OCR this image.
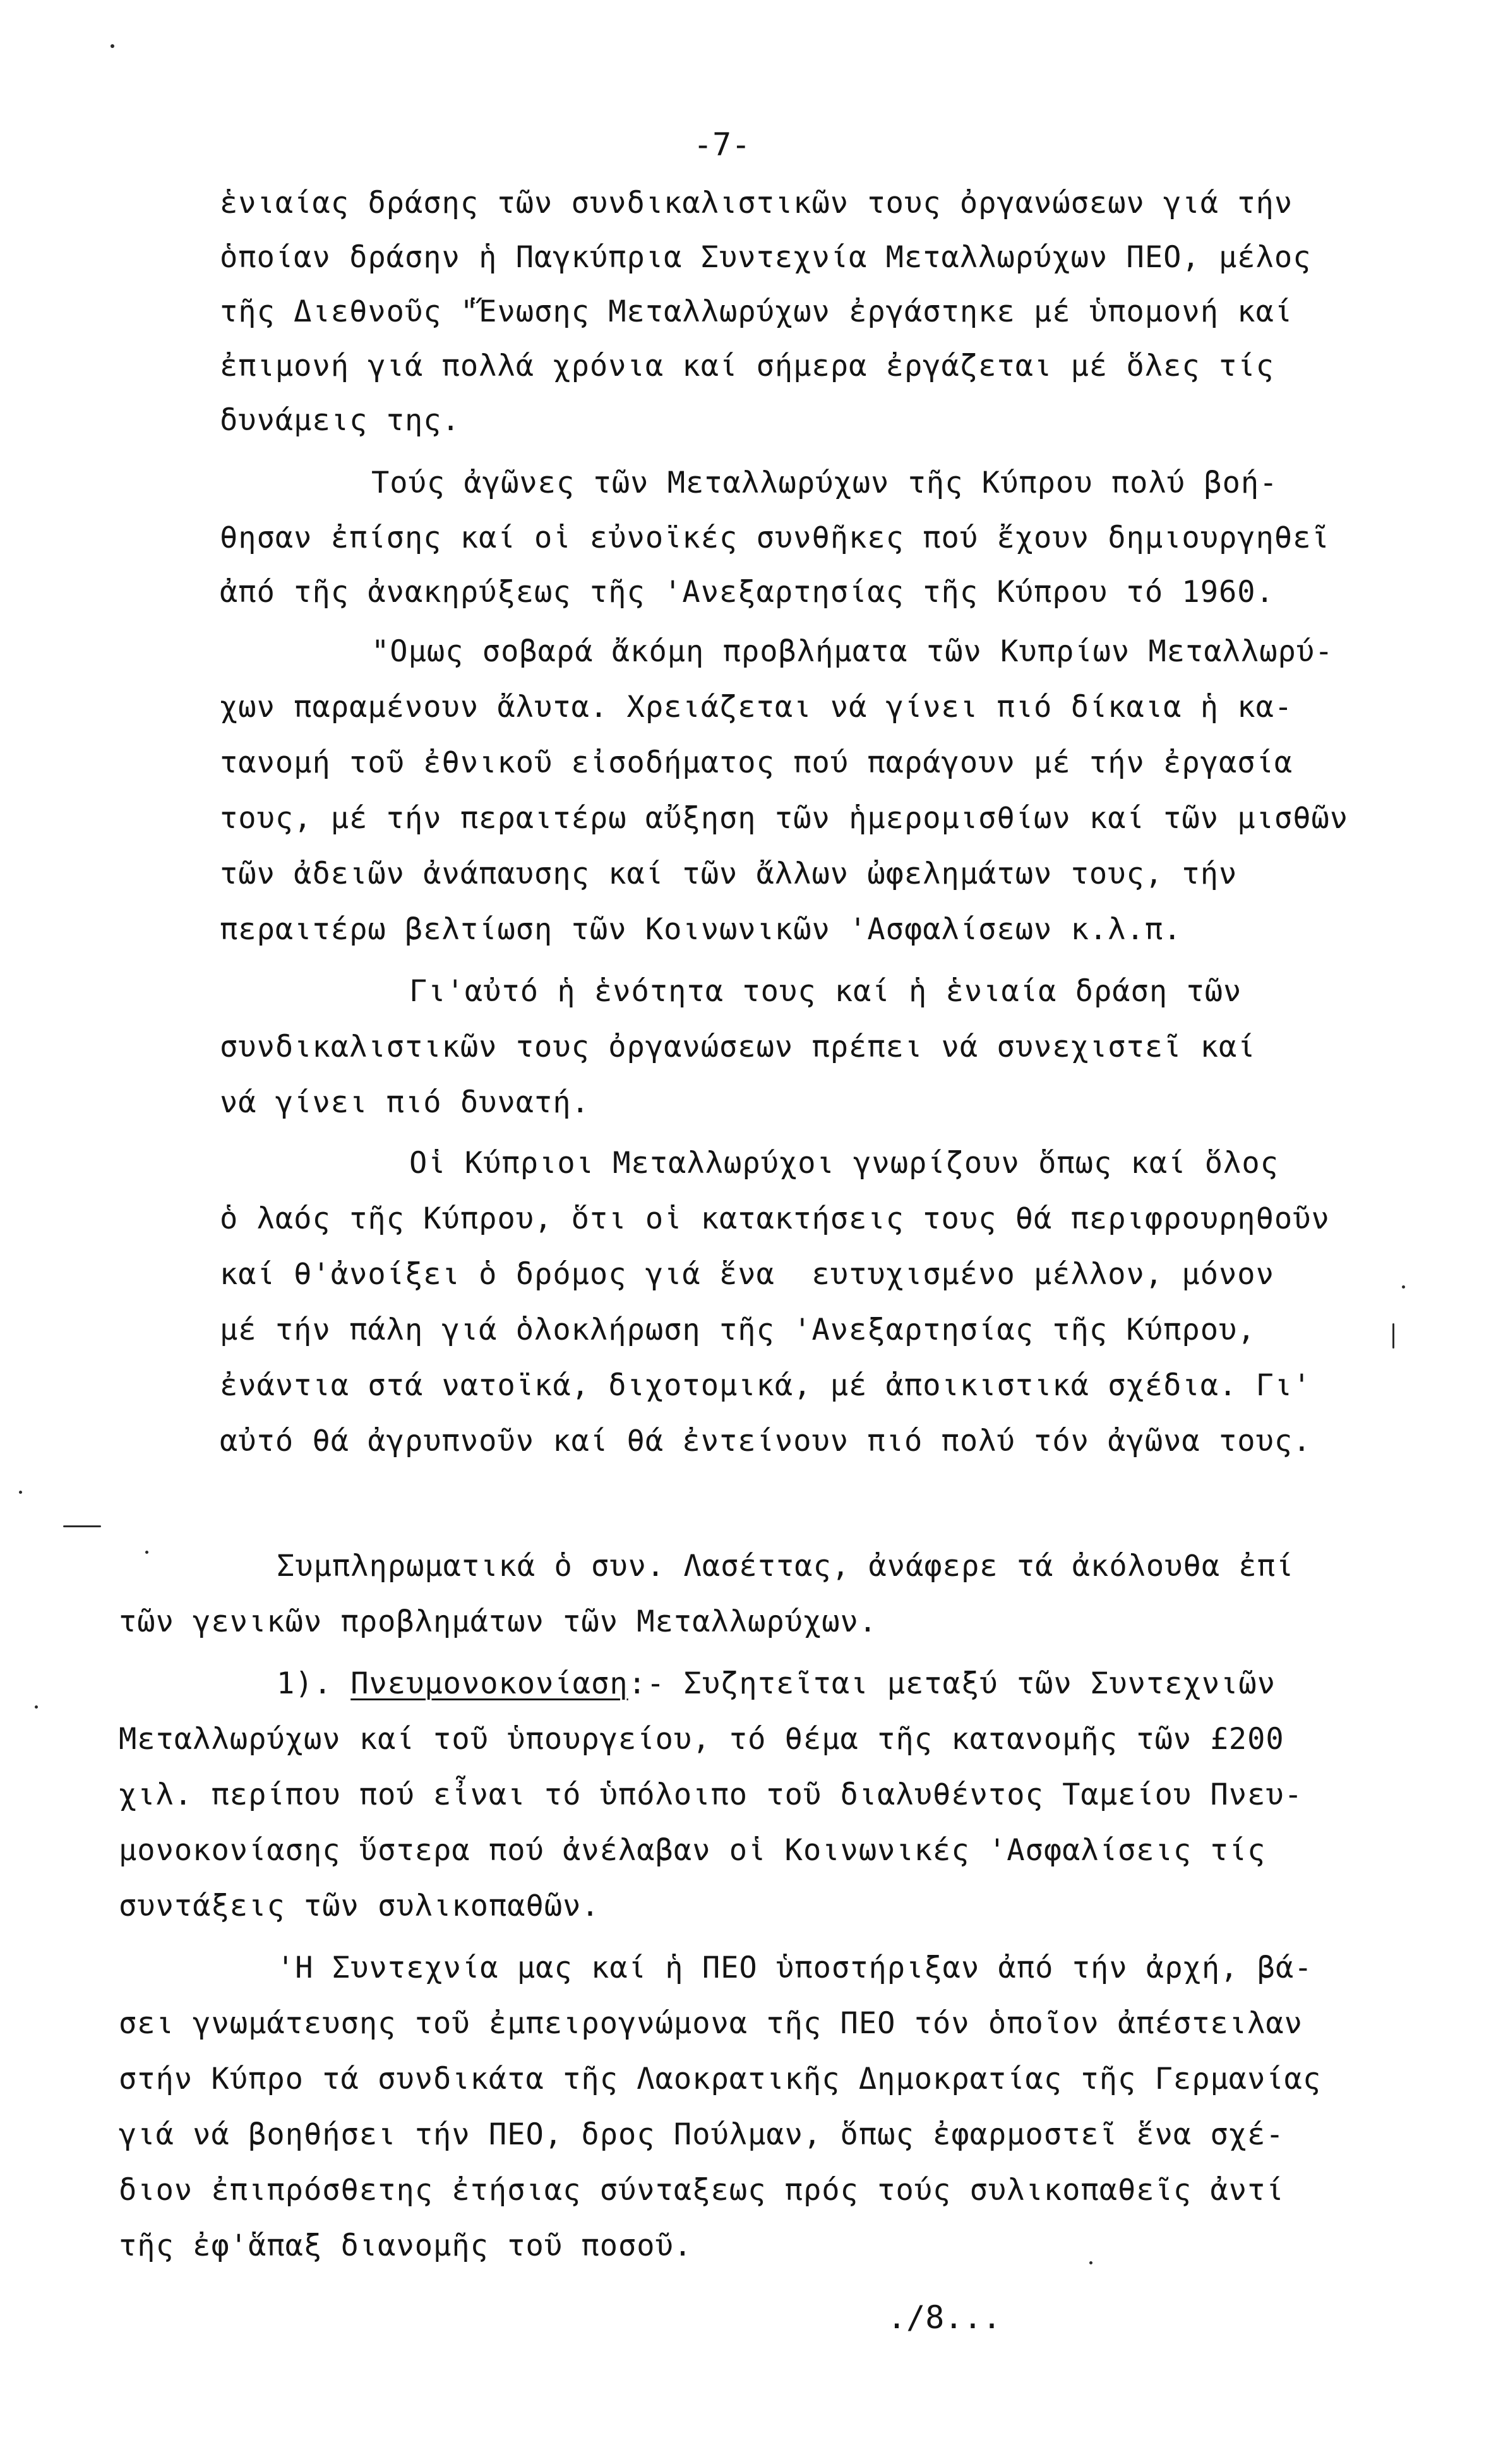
-7-
ἑνιαίας δράσης τῶν συνδικαλιστικῶν τους ὀργανώσεων γιά τήν
ὁποίαν δράσην ἡ Παγκύπρια Συντεχνία Μεταλλωρύχων ΠΕΟ, μέλος
τῆς Διεθνοῦς "Ἕνωσης Μεταλλωρύχων ἐργάστηκε μέ ὑπομονή καί
ἐπιμονή γιά πολλά χρόνια καί σήμερα ἐργάζεται μέ ὅλες τίς
δυνάμεις της.
Τούς ἀγῶνες τῶν Μεταλλωρύχων τῆς Κύπρου πολύ βοή-
θησαν ἐπίσης καί οἱ εὐνοϊκές συνθῆκες πού ἔχουν δημιουργηθεῖ
ἀπό τῆς ἀνακηρύξεως τῆς 'Ανεξαρτησίας τῆς Κύπρου τό 1960.
"Ομως σοβαρά ἄκόμη προβλήματα τῶν Κυπρίων Μεταλλωρύ-
χων παραμένουν ἄλυτα. Χρειάζεται νά γίνει πιό δίκαια ἡ κα-
τανομή τοῦ ἐθνικοῦ εἰσοδήματος πού παράγουν μέ τήν ἐργασία
τους, μέ τήν περαιτέρω αὔξηση τῶν ἡμερομισθίων καί τῶν μισθῶν
τῶν ἀδειῶν ἀνάπαυσης καί τῶν ἄλλων ὠφελημάτων τους, τήν
περαιτέρω βελτίωση τῶν Κοινωνικῶν 'Ασφαλίσεων κ.λ.π.
Γι'αὐτό ἡ ἑνότητα τους καί ἡ ἑνιαία δράση τῶν
συνδικαλιστικῶν τους ὀργανώσεων πρέπει νά συνεχιστεῖ καί
νά γίνει πιό δυνατή.
Οἱ Κύπριοι Μεταλλωρύχοι γνωρίζουν ὅπως καί ὅλος
ὁ λαός τῆς Κύπρου, ὅτι οἱ κατακτήσεις τους θά περιφρουρηθοῦν
καί θ'ἀνοίξει ὁ δρόμος γιά ἕνα  ευτυχισμένο μέλλον, μόνον
μέ τήν πάλη γιά ὁλοκλήρωση τῆς 'Ανεξαρτησίας τῆς Κύπρου,
ἐνάντια στά νατοϊκά, διχοτομικά, μέ ἀποικιστικά σχέδια. Γι'
αὐτό θά ἀγρυπνοῦν καί θά ἐντείνουν πιό πολύ τόν ἀγῶνα τους.
Συμπληρωματικά ὁ συν. Λασέττας, ἀνάφερε τά ἀκόλουθα ἐπί
τῶν γενικῶν προβλημάτων τῶν Μεταλλωρύχων.
1). Πνευμονοκονίαση:- Συζητεῖται μεταξύ τῶν Συντεχνιῶν
Μεταλλωρύχων καί τοῦ ὑπουργείου, τό θέμα τῆς κατανομῆς τῶν £200
χιλ. περίπου πού εἶναι τό ὑπόλοιπο τοῦ διαλυθέντος Ταμείου Πνευ-
μονοκονίασης ὕστερα πού ἀνέλαβαν οἱ Κοινωνικές 'Ασφαλίσεις τίς
συντάξεις τῶν συλικοπαθῶν.
'Η Συντεχνία μας καί ἡ ΠΕΟ ὑποστήριξαν ἀπό τήν ἀρχή, βά-
σει γνωμάτευσης τοῦ ἐμπειρογνώμονα τῆς ΠΕΟ τόν ὁποῖον ἀπέστειλαν
στήν Κύπρο τά συνδικάτα τῆς Λαοκρατικῆς Δημοκρατίας τῆς Γερμανίας
γιά νά βοηθήσει τήν ΠΕΟ, δρος Πούλμαν, ὅπως ἐφαρμοστεῖ ἕνα σχέ-
διον ἐπιπρόσθετης ἐτήσιας σύνταξεως πρός τούς συλικοπαθεῖς ἀντί
τῆς ἐφ'ἅπαξ διανομῆς τοῦ ποσοῦ.
./8...
